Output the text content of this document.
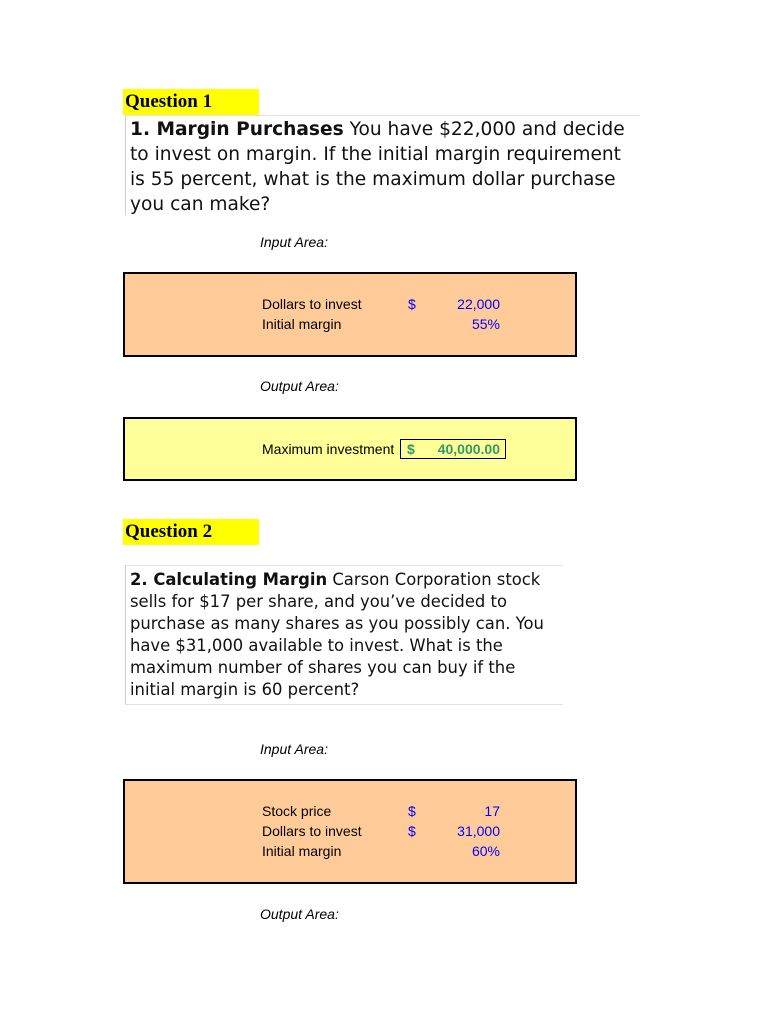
Question 1
1. Margin Purchases You have $22,000 and decide to invest on margin. If the initial margin requirement is 55 percent, what is the maximum dollar purchase you can make?
Input Area:
Dollars to invest	$	22,000
Initial margin	55%
Output Area:
Maximum investment $ 40,000.00
Question 2
2. Calculating Margin Carson Corporation stock sells for $17 per share, and you’ve decided to purchase as many shares as you possibly can. You have $31,000 available to invest. What is the maximum number of shares you can buy if the initial margin is 60 percent?
Input Area:
Stock price	$	17
Dollars to invest	$	31,000
Initial margin	60%
Output Area:
